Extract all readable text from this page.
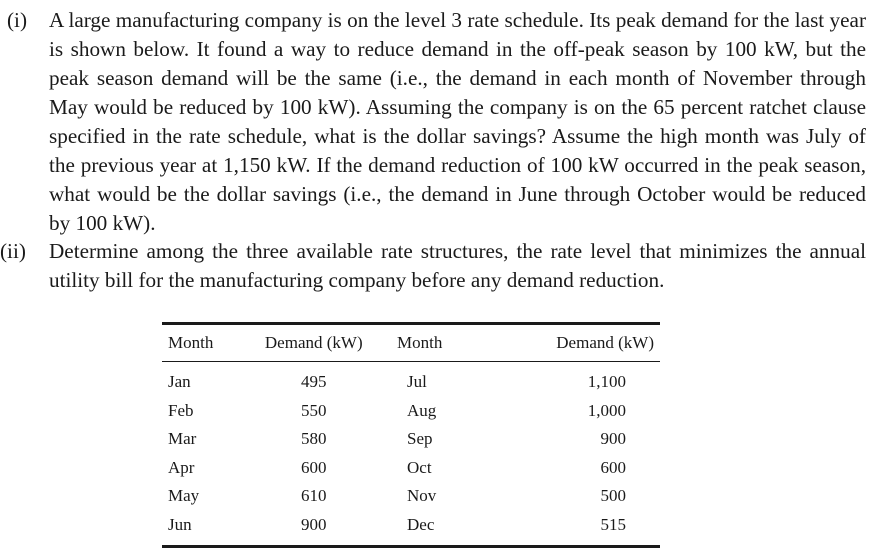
(i) A large manufacturing company is on the level 3 rate schedule. Its peak demand for the last year is shown below. It found a way to reduce demand in the off-peak season by 100 kW, but the peak season demand will be the same (i.e., the demand in each month of November through May would be reduced by 100 kW). Assuming the company is on the 65 percent ratchet clause specified in the rate schedule, what is the dollar savings? Assume the high month was July of the previous year at 1,150 kW. If the demand reduction of 100 kW occurred in the peak season, what would be the dollar savings (i.e., the demand in June through October would be reduced by 100 kW).
(ii) Determine among the three available rate structures, the rate level that minimizes the annual utility bill for the manufacturing company before any demand reduction.
Month	Demand (kW)	Month	Demand (kW)
Jan	495	Jul	1,100
Feb	550	Aug	1,000
Mar	580	Sep	900
Apr	600	Oct	600
May	610	Nov	500
Jun	900	Dec	515
